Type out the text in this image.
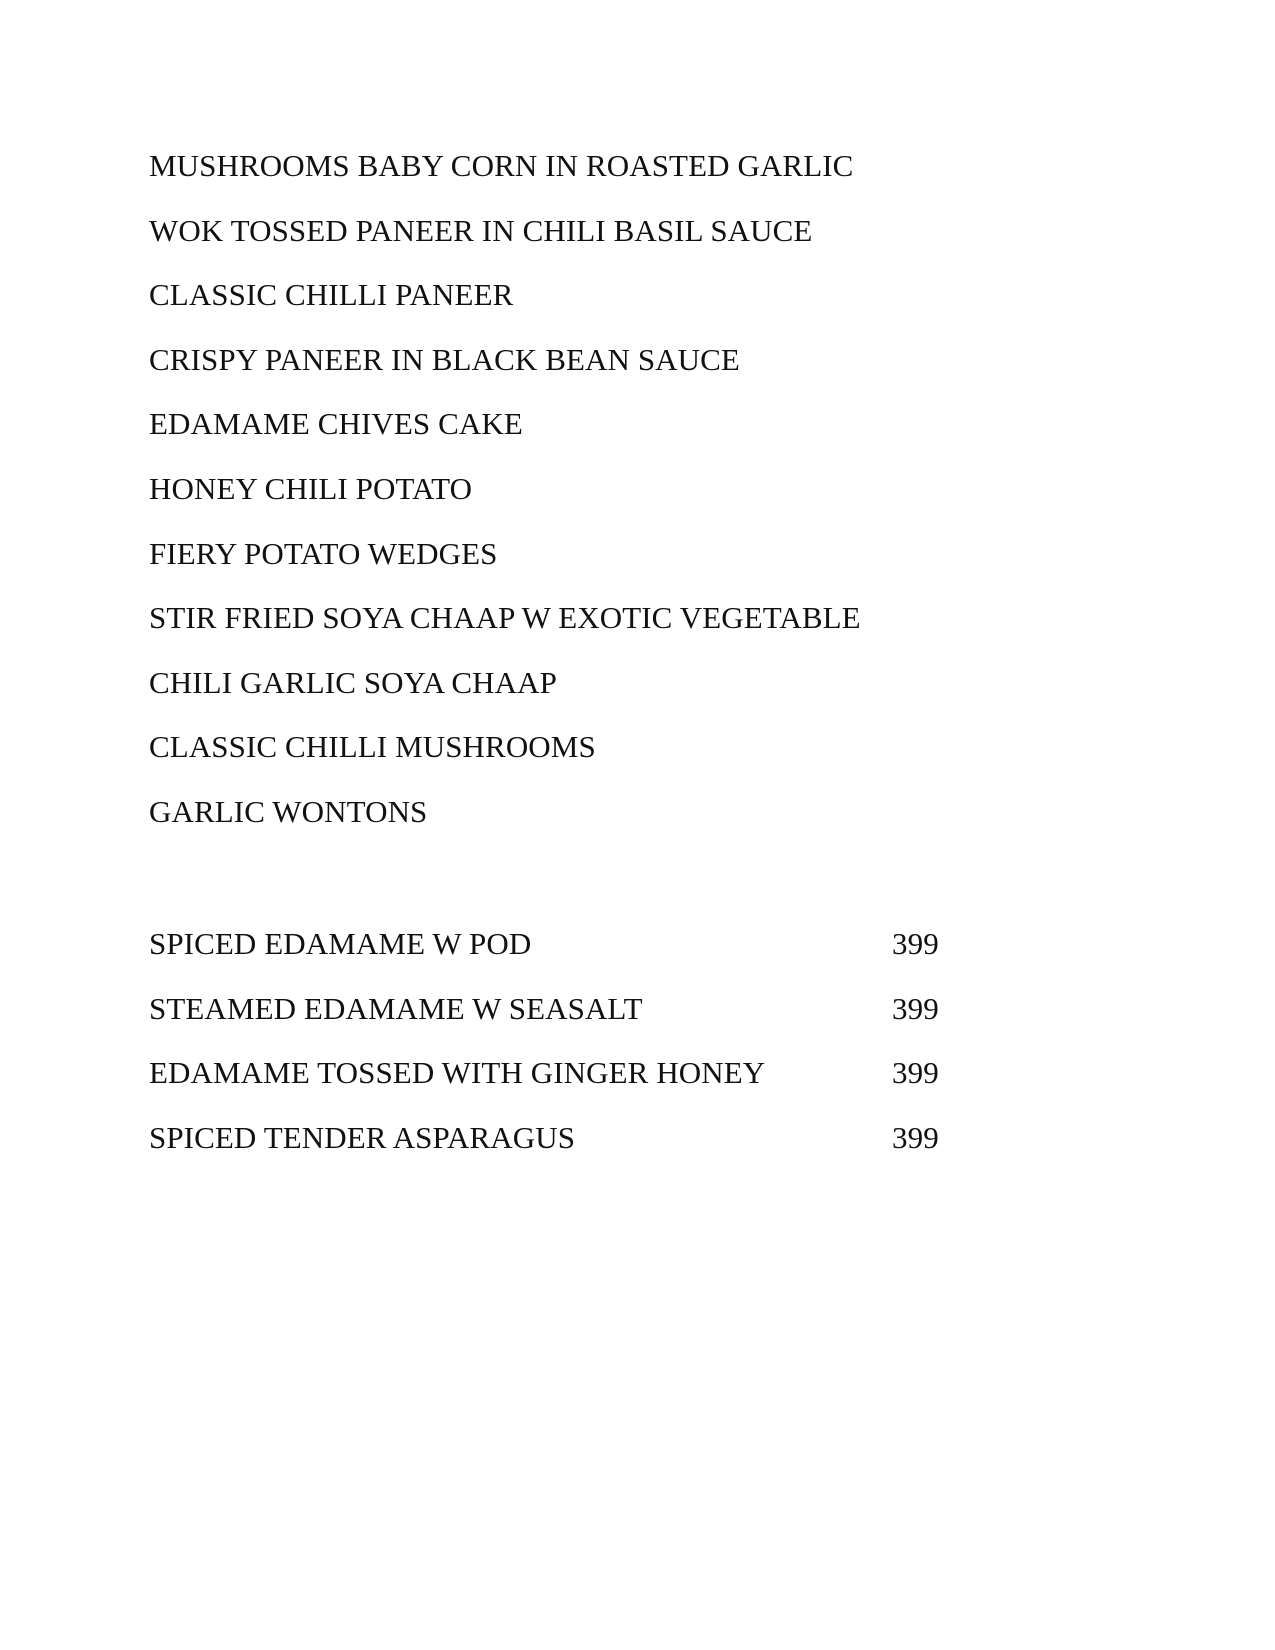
MUSHROOMS BABY CORN IN ROASTED GARLIC
WOK TOSSED PANEER IN CHILI BASIL SAUCE
CLASSIC CHILLI PANEER
CRISPY PANEER IN BLACK BEAN SAUCE
EDAMAME CHIVES CAKE
HONEY CHILI POTATO
FIERY POTATO WEDGES
STIR FRIED SOYA CHAAP W EXOTIC VEGETABLE
CHILI GARLIC SOYA CHAAP
CLASSIC CHILLI MUSHROOMS
GARLIC WONTONS
SPICED EDAMAME W POD	399
STEAMED EDAMAME W SEASALT	399
EDAMAME TOSSED WITH GINGER HONEY	399
SPICED TENDER ASPARAGUS	399
